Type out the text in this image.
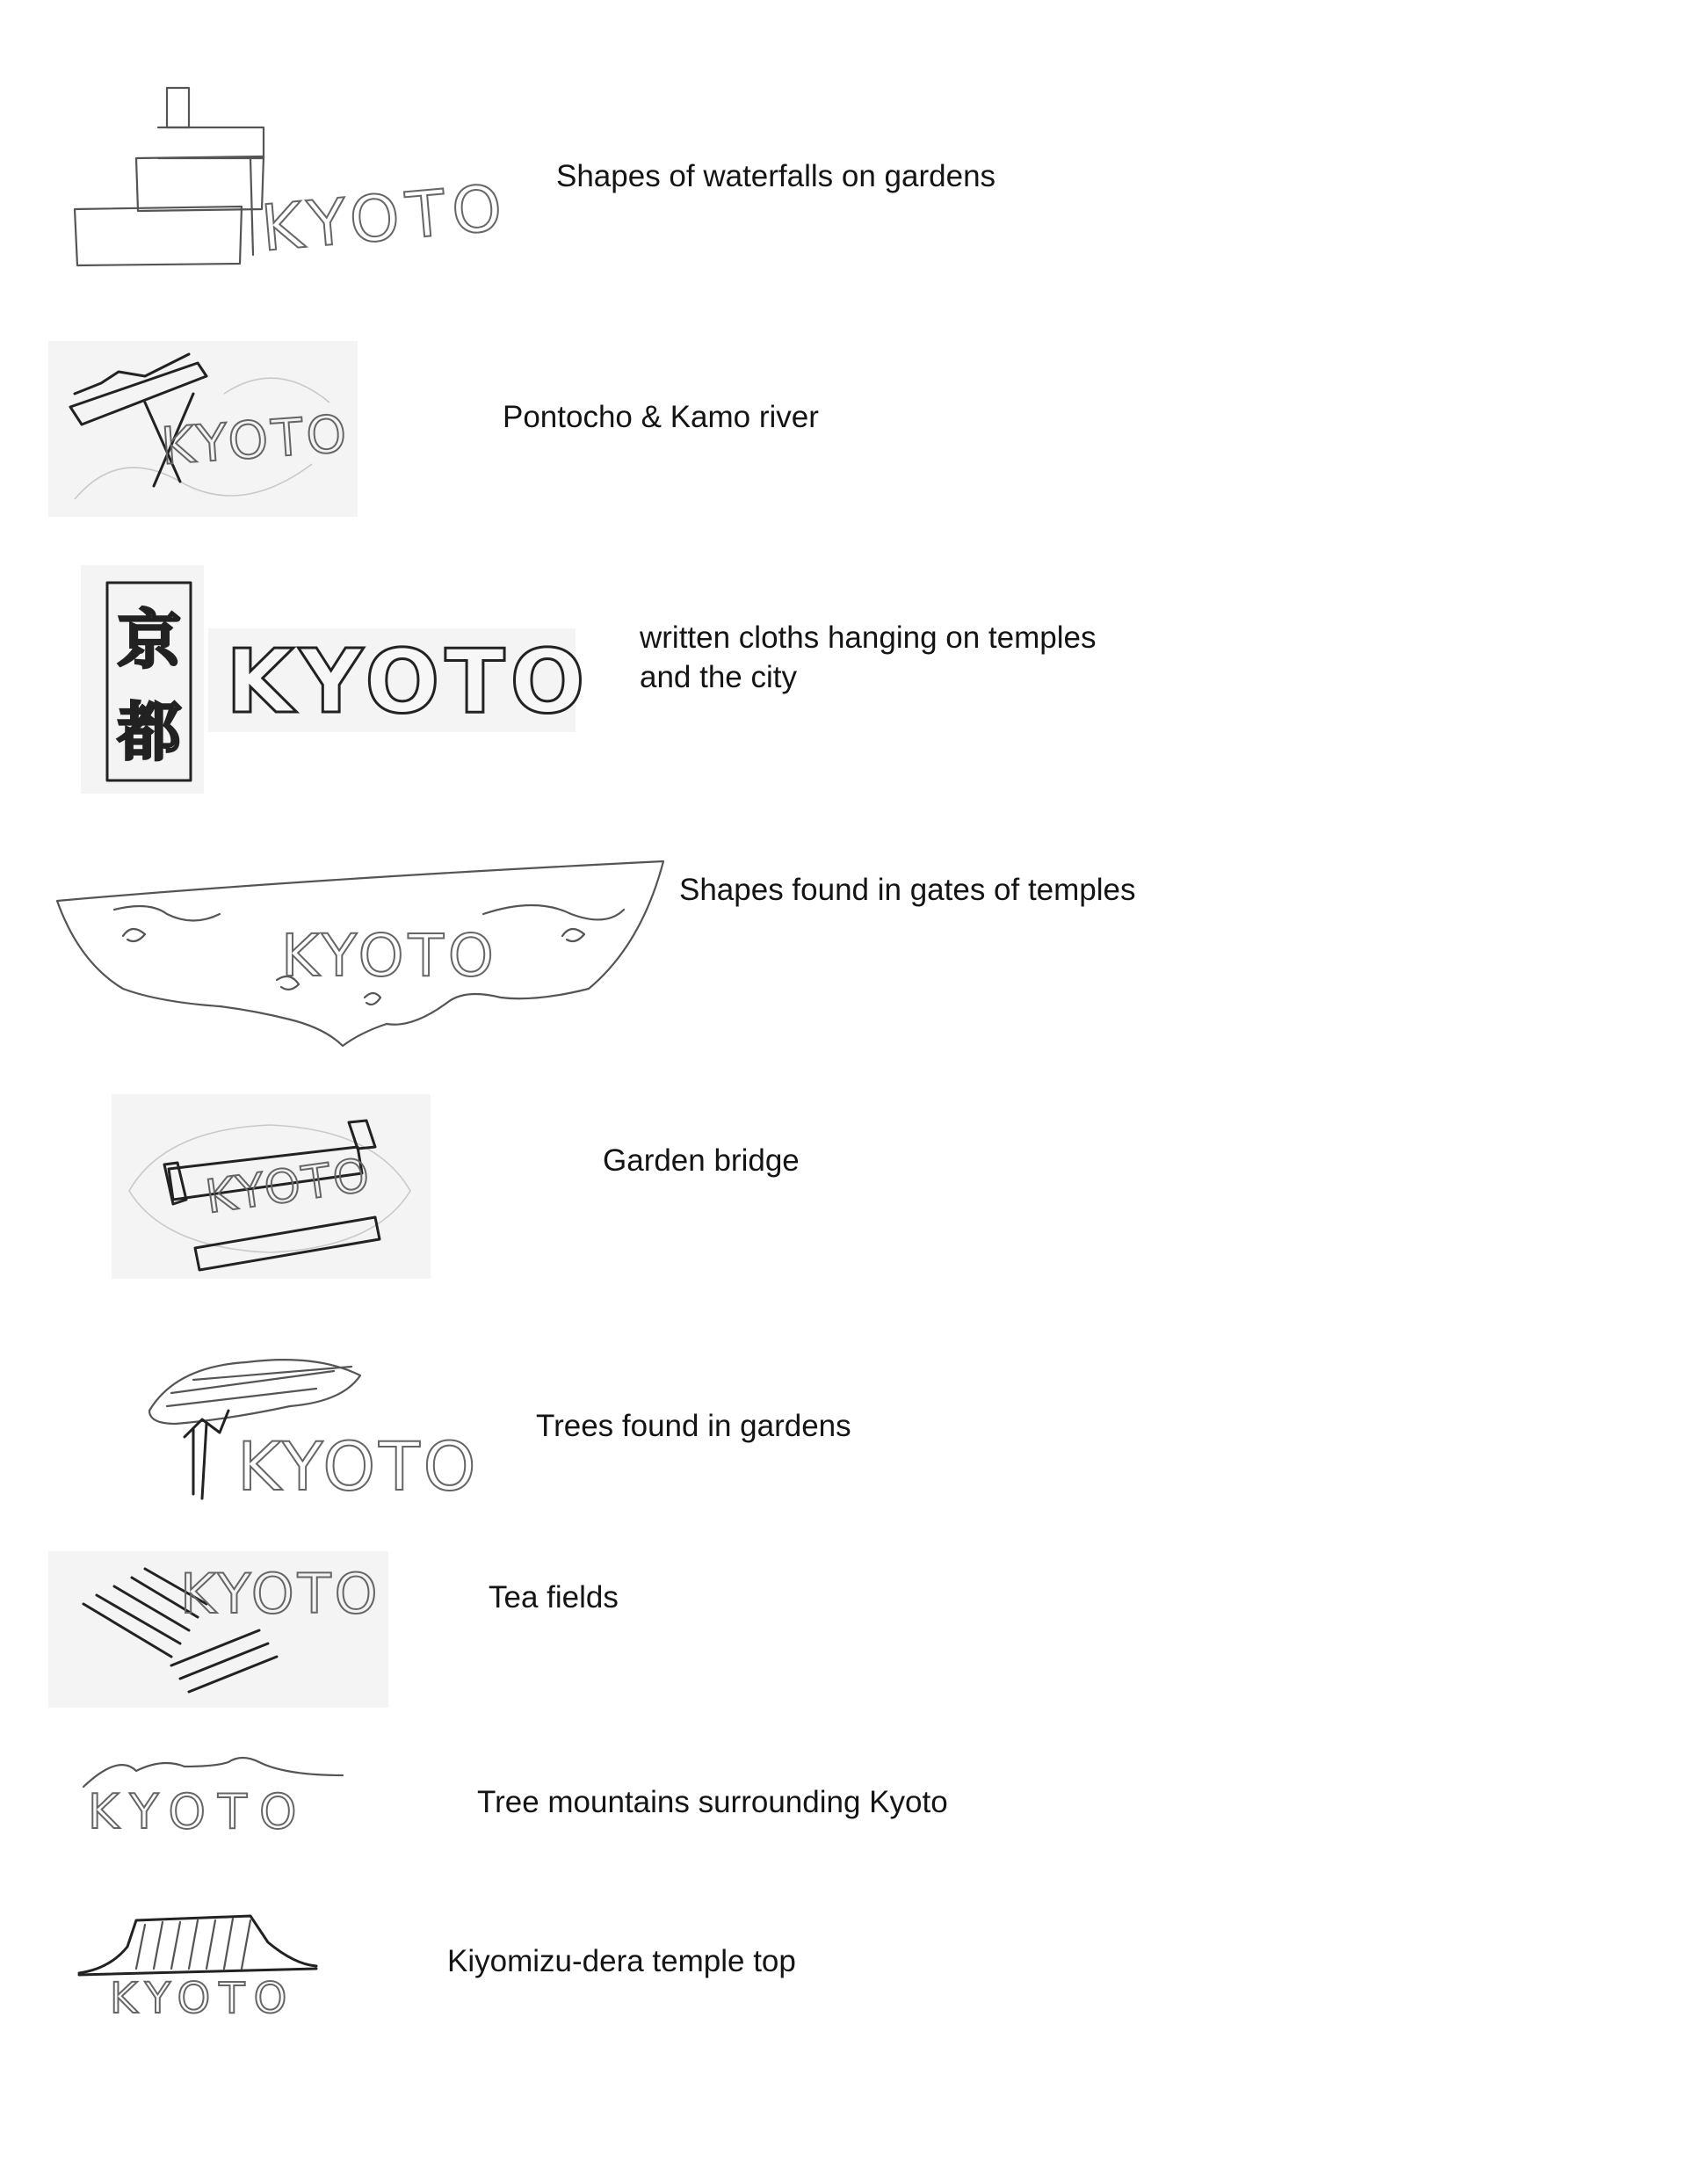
KYOTO Shapes of waterfalls on gardens
KYOTO	Pontocho & Kamo river
京
都 KYOTO written cloths hanging on temples
and the city
KYOTO
Shapes found in gates of temples
KYOTO	Garden bridge
KYOTO
Trees found in gardens
KYOTO	Tea fields
KYOTO	Tree mountains surrounding Kyoto
KYOTO
Kiyomizu-dera temple top
